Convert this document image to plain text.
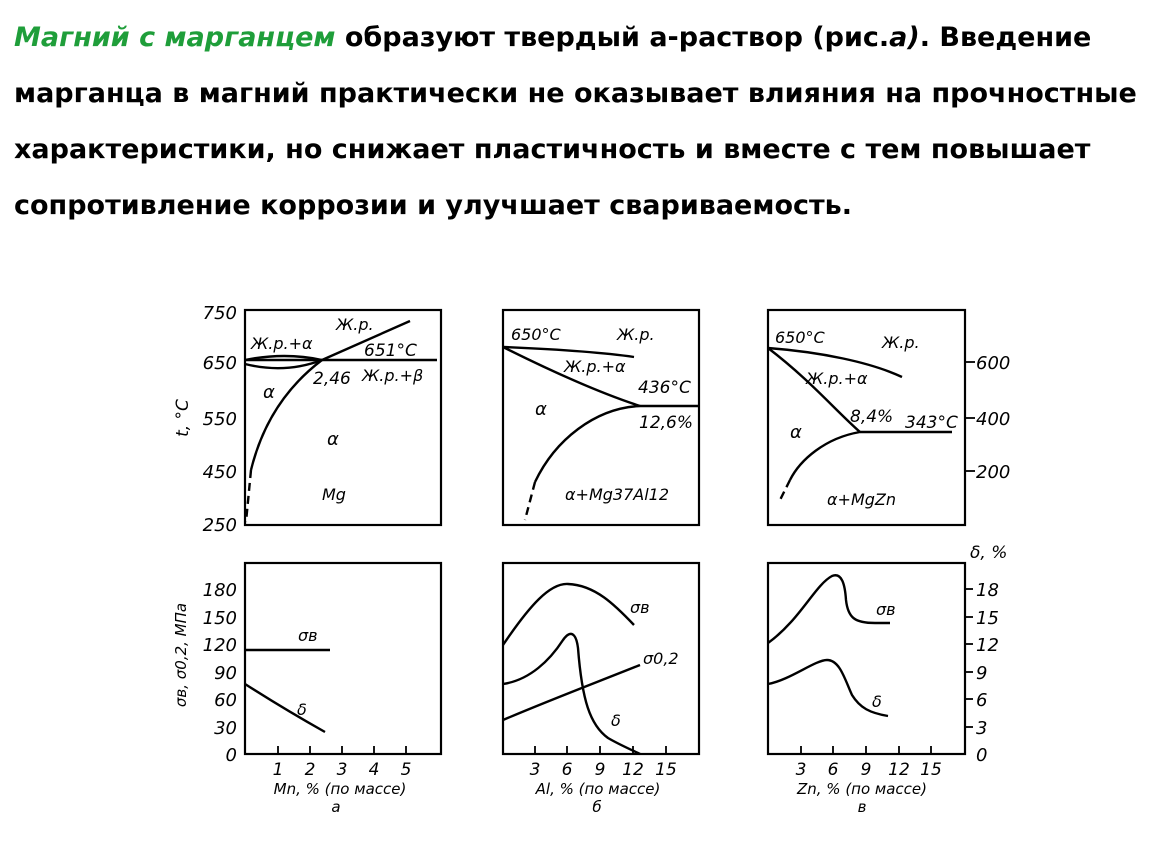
Магний с марганцем образуют твердый а-раствор (рис.а). Введение марганца в магний практически не оказывает влияния на прочностные характеристики, но снижает пластичность и вместе с тем повышает сопротивление коррозии и улучшает свариваемость.

750
650
550
450
250
t, °C
Ж.р.
Ж.р.+α	651°C
2,46 Ж.р.+β
α
α
Mg
650°C	Ж.р.
Ж.р.+α
436°C
α
12,6%
α+Mg37Al12
650°C	Ж.р.
Ж.р.+α
8,4% 343°C
α
α+MgZn
600
400
200
180
150
120
90
60
30
0
σв, σ0,2, МПа	σв
δ
1 2 3 4 5
Mn, % (по массе)
а
σв
σ0,2
δ
3 6 9 12 15
Al, % (по массе)
б
σв
δ
3 6 9 12 15
Zn, % (по массе)
в
δ, %
18
15
12
9
6
3
0
